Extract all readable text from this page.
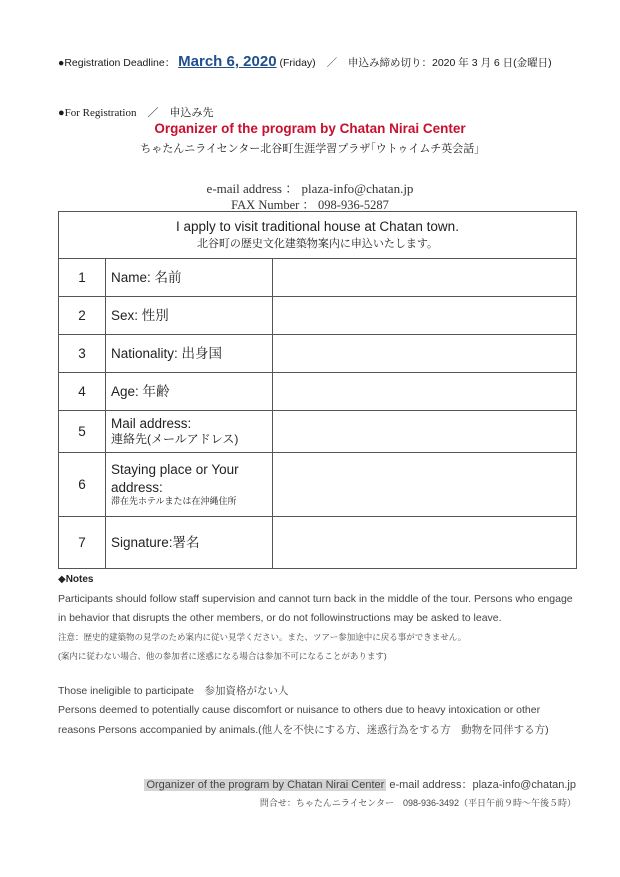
●Registration Deadline： March 6, 2020 (Friday) ／ 申込み締め切り：2020 年 3 月 6 日(金曜日)
●For Registration　／　申込み先
Organizer of the program by Chatan Nirai Center
ちゃたんニライセンター北谷町生涯学習プラザ｢ウトゥイムチ英会話｣
e-mail address ： plaza-info@chatan.jp
FAX Number ： 098-936-5287
I apply to visit traditional house at Chatan town.
北谷町の歴史文化建築物案内に申込いたします。		

1	Name: 名前	
2	Sex: 性別	
3	Nationality: 出身国	
4	Age: 年齢	
5	Mail address:
連絡先(メールアドレス)	

6	Staying place or Your address:
滞在先ホテルまたは在沖縄住所	

7	Signature:署名	
◆Notes
Participants should follow staff supervision and cannot turn back in the middle of the tour. Persons who engage in behavior that disrupts the other members, or do not followinstructions may be asked to leave.
注意：歴史的建築物の見学のため案内に従い見学ください。また、ツアー参加途中に戻る事ができません。
(案内に従わない場合、他の参加者に迷惑になる場合は参加不可になることがあります)
Those ineligible to participate　参加資格がない人
Persons deemed to potentially cause discomfort or nuisance to others due to heavy intoxication or other reasons Persons accompanied by animals.(他人を不快にする方、迷惑行為をする方　動物を同伴する方)
Organizer of the program by Chatan Nirai Center e-mail address：plaza-info@chatan.jp
問合せ：ちゃたんニライセンター　098-936-3492（平日午前９時～午後５時）
